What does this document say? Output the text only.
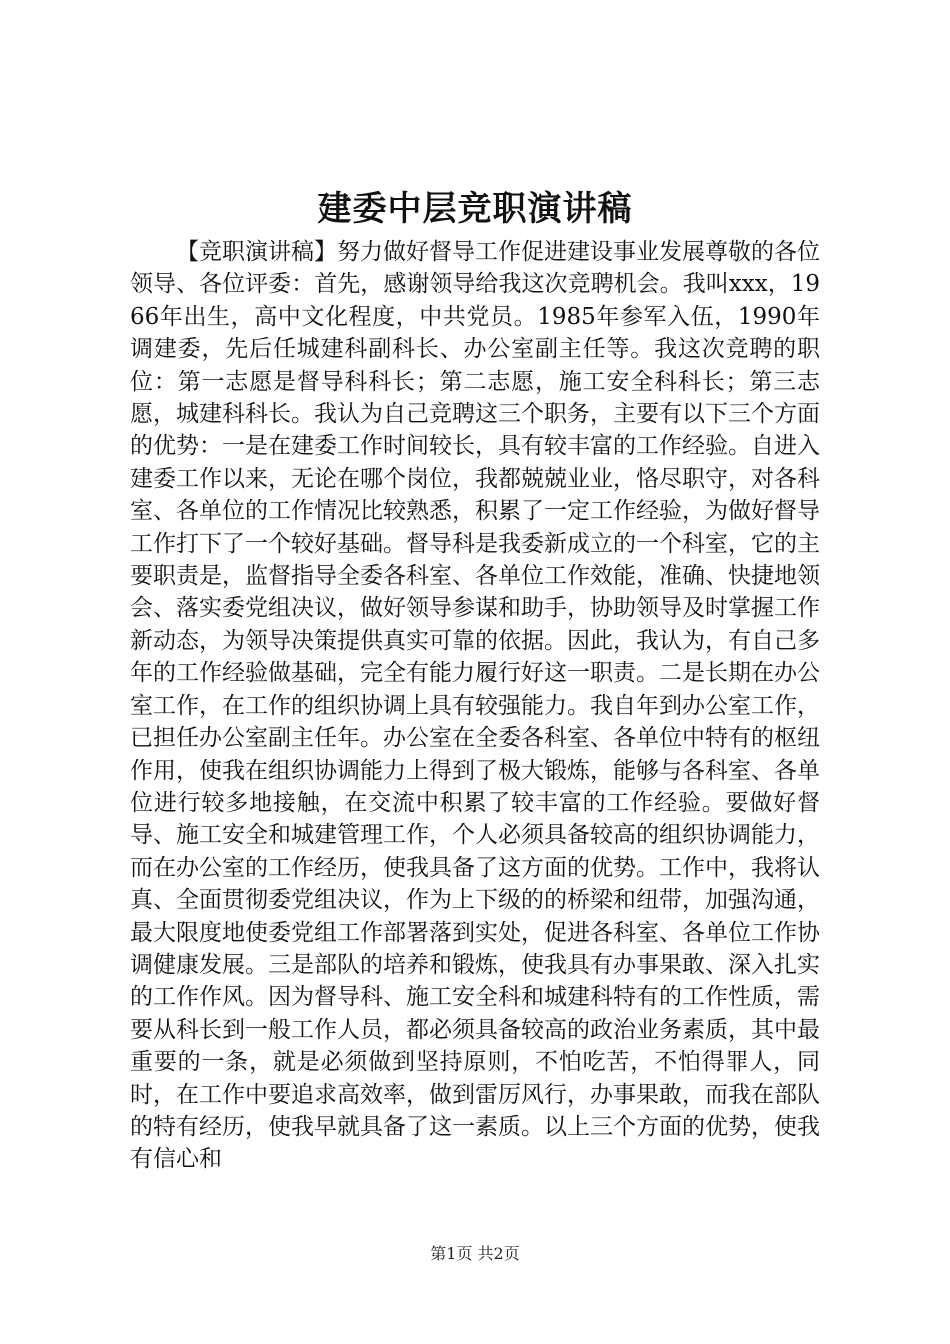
建委中层竞职演讲稿

【竞职演讲稿】努力做好督导工作促进建设事业发展尊敬的各位领导、各位评委：首先，感谢领导给我这次竞聘机会。我叫xxx，1966年出生，高中文化程度，中共党员。1985年参军入伍，1990年调建委，先后任城建科副科长、办公室副主任等。我这次竞聘的职位：第一志愿是督导科科长；第二志愿，施工安全科科长；第三志愿，城建科科长。我认为自己竞聘这三个职务，主要有以下三个方面的优势：一是在建委工作时间较长，具有较丰富的工作经验。自进入建委工作以来，无论在哪个岗位，我都兢兢业业，恪尽职守，对各科室、各单位的工作情况比较熟悉，积累了一定工作经验，为做好督导工作打下了一个较好基础。督导科是我委新成立的一个科室，它的主要职责是，监督指导全委各科室、各单位工作效能，准确、快捷地领会、落实委党组决议，做好领导参谋和助手，协助领导及时掌握工作新动态，为领导决策提供真实可靠的依据。因此，我认为，有自己多年的工作经验做基础，完全有能力履行好这一职责。二是长期在办公室工作，在工作的组织协调上具有较强能力。我自年到办公室工作，已担任办公室副主任年。办公室在全委各科室、各单位中特有的枢纽作用，使我在组织协调能力上得到了极大锻炼，能够与各科室、各单位进行较多地接触，在交流中积累了较丰富的工作经验。要做好督导、施工安全和城建管理工作，个人必须具备较高的组织协调能力，而在办公室的工作经历，使我具备了这方面的优势。工作中，我将认真、全面贯彻委党组决议，作为上下级的的桥梁和纽带，加强沟通，最大限度地使委党组工作部署落到实处，促进各科室、各单位工作协调健康发展。三是部队的培养和锻炼，使我具有办事果敢、深入扎实的工作作风。因为督导科、施工安全科和城建科特有的工作性质，需要从科长到一般工作人员，都必须具备较高的政治业务素质，其中最重要的一条，就是必须做到坚持原则，不怕吃苦，不怕得罪人，同时，在工作中要追求高效率，做到雷厉风行，办事果敢，而我在部队的特有经历，使我早就具备了这一素质。以上三个方面的优势，使我有信心和

第1页 共2页
